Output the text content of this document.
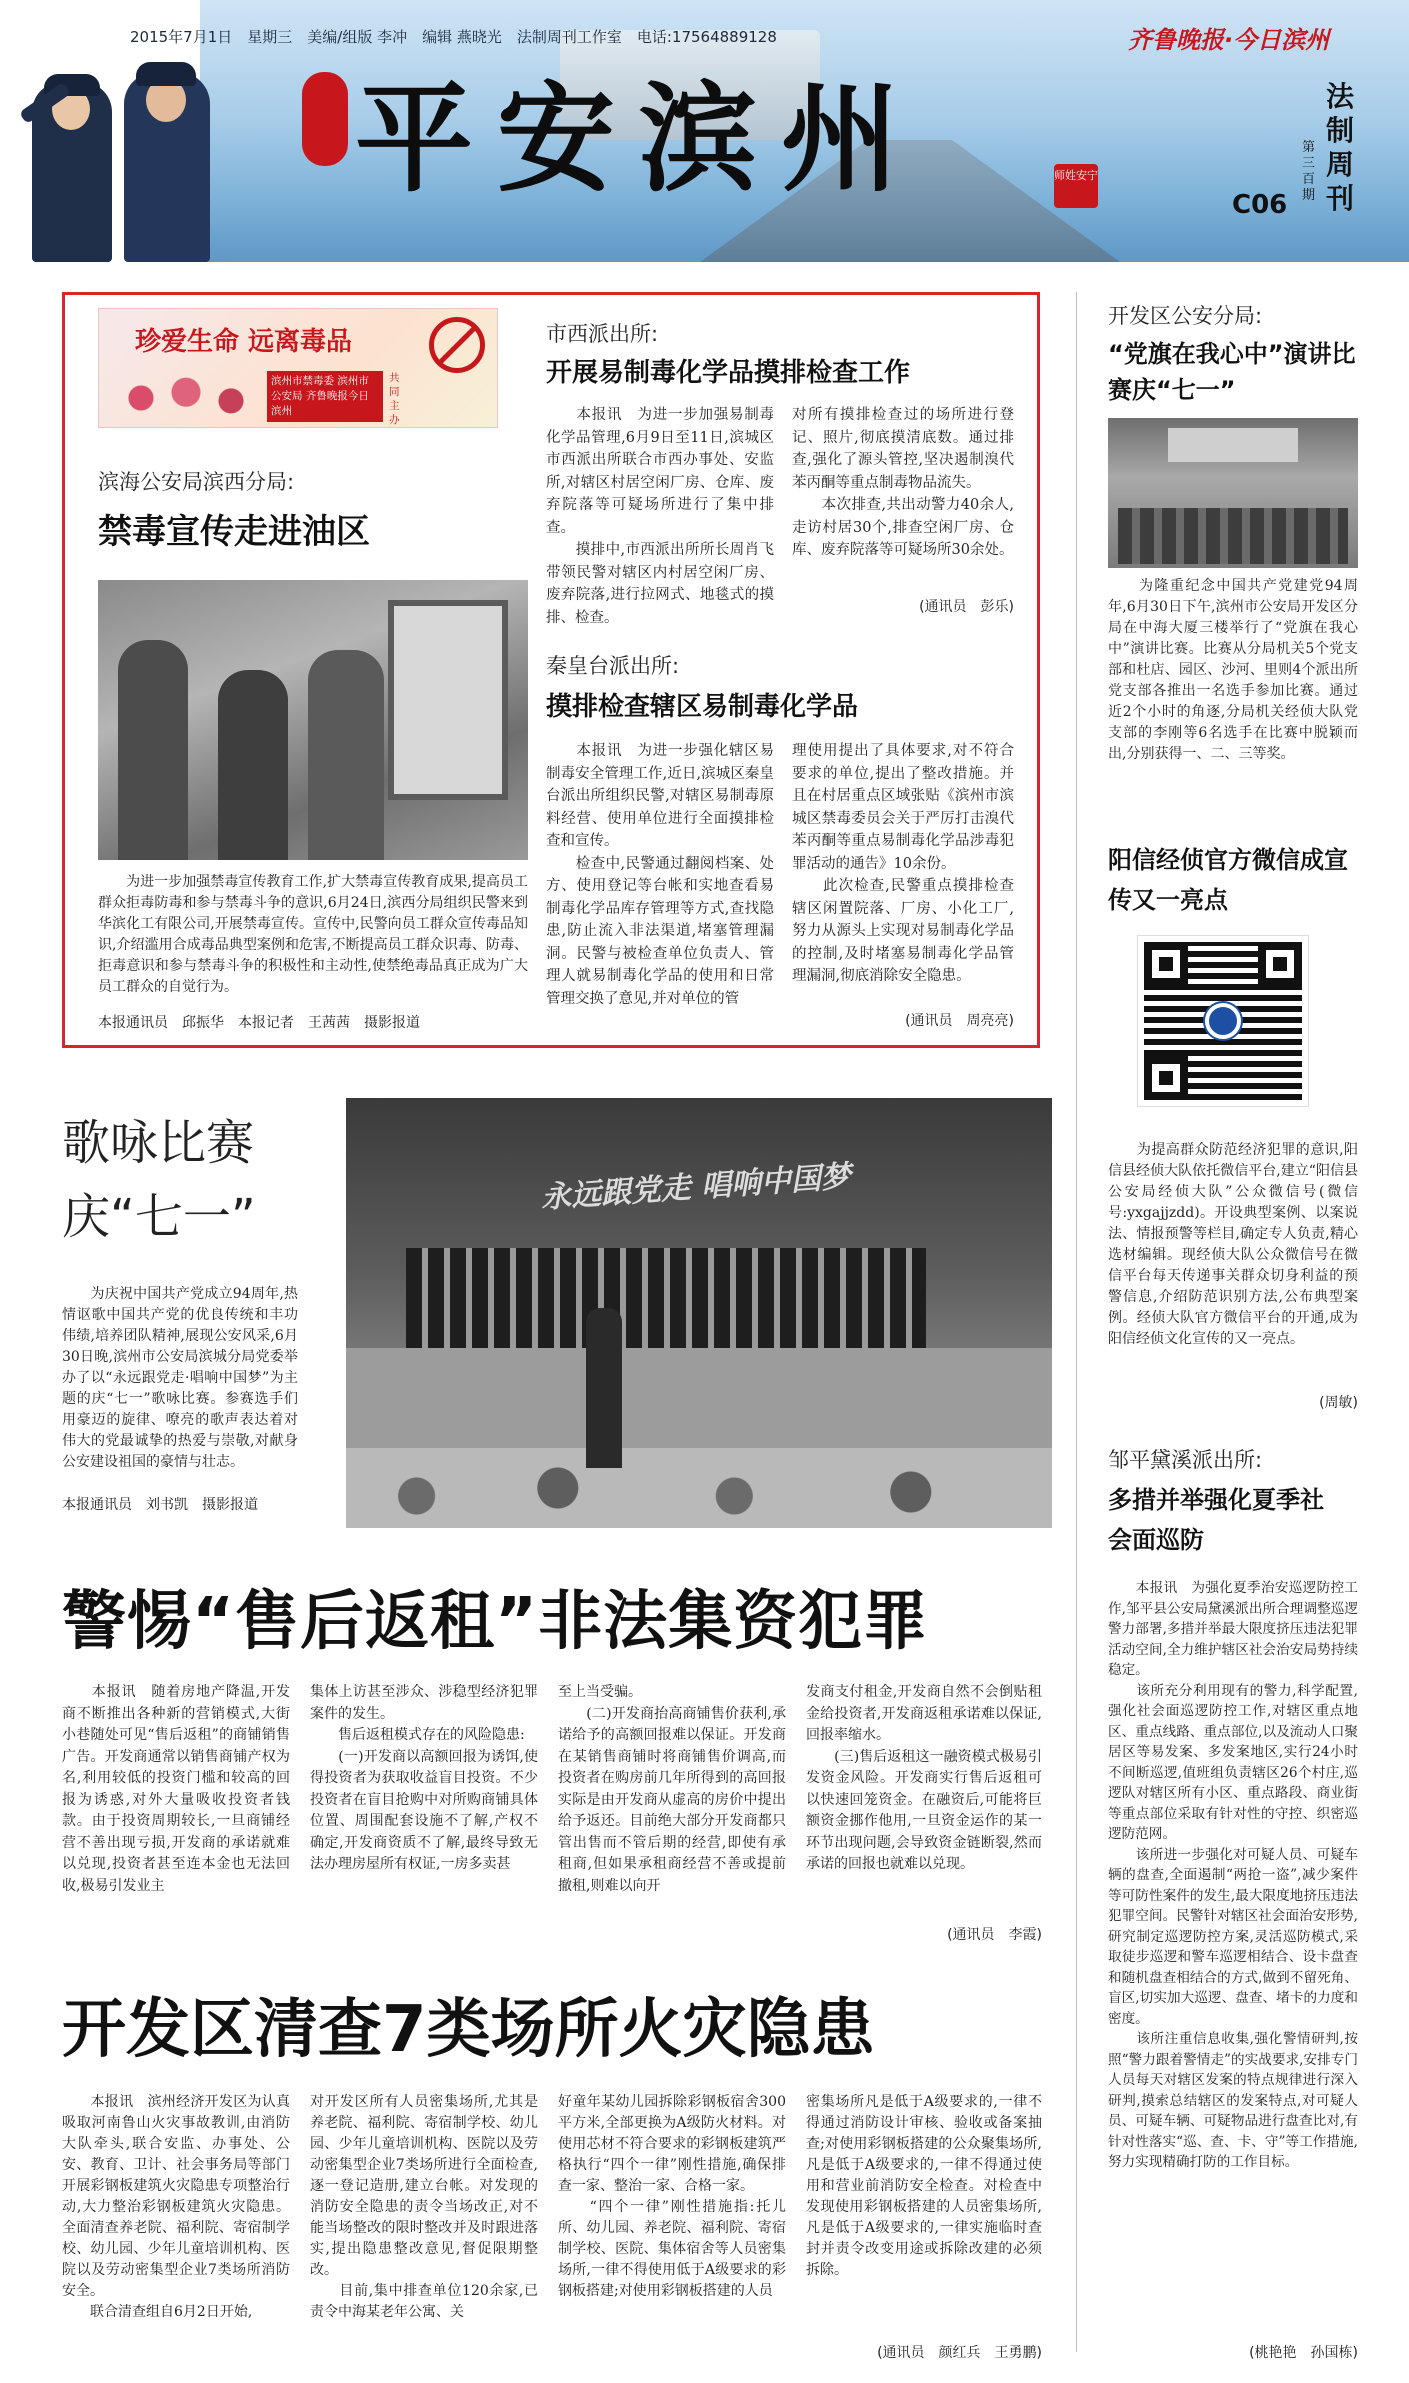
2015年7月1日　星期三　美编/组版 李冲　编辑 燕晓光　法制周刊工作室　电话:17564889128	齐鲁晚报·今日滨州
平安滨州	师姓安宁
法制周刊
第三百期
C06
珍爱生命 远离毒品
滨州市禁毒委 滨州市公安局 齐鲁晚报今日滨州
共同主办
滨海公安局滨西分局:
禁毒宣传走进油区
　　为进一步加强禁毒宣传教育工作,扩大禁毒宣传教育成果,提高员工群众拒毒防毒和参与禁毒斗争的意识,6月24日,滨西分局组织民警来到华滨化工有限公司,开展禁毒宣传。宣传中,民警向员工群众宣传毒品知识,介绍滥用合成毒品典型案例和危害,不断提高员工群众识毒、防毒、拒毒意识和参与禁毒斗争的积极性和主动性,使禁绝毒品真正成为广大员工群众的自觉行为。
本报通讯员　邱振华　本报记者　王茜茜　摄影报道
市西派出所:
开展易制毒化学品摸排检查工作
　　本报讯　为进一步加强易制毒化学品管理,6月9日至11日,滨城区市西派出所联合市西办事处、安监所,对辖区村居空闲厂房、仓库、废弃院落等可疑场所进行了集中排查。
　　摸排中,市西派出所所长周肖飞带领民警对辖区内村居空闲厂房、废弃院落,进行拉网式、地毯式的摸排、检查。
对所有摸排检查过的场所进行登记、照片,彻底摸清底数。通过排查,强化了源头管控,坚决遏制溴代苯丙酮等重点制毒物品流失。
　　本次排查,共出动警力40余人,走访村居30个,排查空闲厂房、仓库、废弃院落等可疑场所30余处。
(通讯员　彭乐)
秦皇台派出所:
摸排检查辖区易制毒化学品
　　本报讯　为进一步强化辖区易制毒安全管理工作,近日,滨城区秦皇台派出所组织民警,对辖区易制毒原料经营、使用单位进行全面摸排检查和宣传。
　　检查中,民警通过翻阅档案、处方、使用登记等台帐和实地查看易制毒化学品库存管理等方式,查找隐患,防止流入非法渠道,堵塞管理漏洞。民警与被检查单位负责人、管理人就易制毒化学品的使用和日常管理交换了意见,并对单位的管
理使用提出了具体要求,对不符合要求的单位,提出了整改措施。并且在村居重点区域张贴《滨州市滨城区禁毒委员会关于严厉打击溴代苯丙酮等重点易制毒化学品涉毒犯罪活动的通告》10余份。
　　此次检查,民警重点摸排检查辖区闲置院落、厂房、小化工厂,努力从源头上实现对易制毒化学品的控制,及时堵塞易制毒化学品管理漏洞,彻底消除安全隐患。
(通讯员　周亮亮)
开发区公安分局:
“党旗在我心中”演讲比赛庆“七一”
　　为隆重纪念中国共产党建党94周年,6月30日下午,滨州市公安局开发区分局在中海大厦三楼举行了“党旗在我心中”演讲比赛。比赛从分局机关5个党支部和杜店、园区、沙河、里则4个派出所党支部各推出一名选手参加比赛。通过近2个小时的角逐,分局机关经侦大队党支部的李刚等6名选手在比赛中脱颖而出,分别获得一、二、三等奖。
阳信经侦官方微信成宣传又一亮点
　　为提高群众防范经济犯罪的意识,阳信县经侦大队依托微信平台,建立“阳信县公安局经侦大队”公众微信号(微信号:yxgajjzdd)。开设典型案例、以案说法、情报预警等栏目,确定专人负责,精心选材编辑。现经侦大队公众微信号在微信平台每天传递事关群众切身利益的预警信息,介绍防范识别方法,公布典型案例。经侦大队官方微信平台的开通,成为阳信经侦文化宣传的又一亮点。
(周敏)
邹平黛溪派出所:
多措并举强化夏季社会面巡防
　　本报讯　为强化夏季治安巡逻防控工作,邹平县公安局黛溪派出所合理调整巡逻警力部署,多措并举最大限度挤压违法犯罪活动空间,全力维护辖区社会治安局势持续稳定。
　　该所充分利用现有的警力,科学配置,强化社会面巡逻防控工作,对辖区重点地区、重点线路、重点部位,以及流动人口聚居区等易发案、多发案地区,实行24小时不间断巡逻,值班组负责辖区26个村庄,巡逻队对辖区所有小区、重点路段、商业街等重点部位采取有针对性的守控、织密巡逻防范网。
　　该所进一步强化对可疑人员、可疑车辆的盘查,全面遏制“两抢一盗”,减少案件等可防性案件的发生,最大限度地挤压违法犯罪空间。民警针对辖区社会面治安形势,研究制定巡逻防控方案,灵活巡防模式,采取徒步巡逻和警车巡逻相结合、设卡盘查和随机盘查相结合的方式,做到不留死角、盲区,切实加大巡逻、盘查、堵卡的力度和密度。
　　该所注重信息收集,强化警情研判,按照“警力跟着警情走”的实战要求,安排专门人员每天对辖区发案的特点规律进行深入研判,摸索总结辖区的发案特点,对可疑人员、可疑车辆、可疑物品进行盘查比对,有针对性落实“巡、查、卡、守”等工作措施,努力实现精确打防的工作目标。
(桃艳艳　孙国栋)
歌咏比赛
庆“七一”
　　为庆祝中国共产党成立94周年,热情讴歌中国共产党的优良传统和丰功伟绩,培养团队精神,展现公安风采,6月30日晚,滨州市公安局滨城分局党委举办了以“永远跟党走·唱响中国梦”为主题的庆“七一”歌咏比赛。参赛选手们用豪迈的旋律、嘹亮的歌声表达着对伟大的党最诚挚的热爱与崇敬,对献身公安建设祖国的豪情与壮志。
本报通讯员　刘书凯　摄影报道
永远跟党走 唱响中国梦
警惕“售后返租”非法集资犯罪
　　本报讯　随着房地产降温,开发商不断推出各种新的营销模式,大街小巷随处可见“售后返租”的商铺销售广告。开发商通常以销售商铺产权为名,利用较低的投资门槛和较高的回报为诱惑,对外大量吸收投资者钱款。由于投资周期较长,一旦商铺经营不善出现亏损,开发商的承诺就难以兑现,投资者甚至连本金也无法回收,极易引发业主
集体上访甚至涉众、涉稳型经济犯罪案件的发生。
　　售后返租模式存在的风险隐患:
　　(一)开发商以高额回报为诱饵,使得投资者为获取收益盲目投资。不少投资者在盲目抢购中对所购商铺具体位置、周围配套设施不了解,产权不确定,开发商资质不了解,最终导致无法办理房屋所有权证,一房多卖甚
至上当受骗。
　　(二)开发商抬高商铺售价获利,承诺给予的高额回报难以保证。开发商在某销售商铺时将商铺售价调高,而投资者在购房前几年所得到的高回报实际是由开发商从虚高的房价中提出给予返还。目前绝大部分开发商都只管出售而不管后期的经营,即使有承租商,但如果承租商经营不善或提前撤租,则难以向开
发商支付租金,开发商自然不会倒贴租金给投资者,开发商返租承诺难以保证,回报率缩水。
　　(三)售后返租这一融资模式极易引发资金风险。开发商实行售后返租可以快速回笼资金。在融资后,可能将巨额资金挪作他用,一旦资金运作的某一环节出现问题,会导致资金链断裂,然而承诺的回报也就难以兑现。
(通讯员　李霞)
开发区清查7类场所火灾隐患
　　本报讯　滨州经济开发区为认真吸取河南鲁山火灾事故教训,由消防大队牵头,联合安监、办事处、公安、教育、卫计、社会事务局等部门开展彩钢板建筑火灾隐患专项整治行动,大力整治彩钢板建筑火灾隐患。全面清查养老院、福利院、寄宿制学校、幼儿园、少年儿童培训机构、医院以及劳动密集型企业7类场所消防安全。
　　联合清查组自6月2日开始,
对开发区所有人员密集场所,尤其是养老院、福利院、寄宿制学校、幼儿园、少年儿童培训机构、医院以及劳动密集型企业7类场所进行全面检查,逐一登记造册,建立台帐。对发现的消防安全隐患的责令当场改正,对不能当场整改的限时整改并及时跟进落实,提出隐患整改意见,督促限期整改。
　　目前,集中排查单位120余家,已责令中海某老年公寓、关
好童年某幼儿园拆除彩钢板宿舍300平方米,全部更换为A级防火材料。对使用芯材不符合要求的彩钢板建筑严格执行“四个一律”刚性措施,确保排查一家、整治一家、合格一家。
　　“四个一律”刚性措施指:托儿所、幼儿园、养老院、福利院、寄宿制学校、医院、集体宿舍等人员密集场所,一律不得使用低于A级要求的彩钢板搭建;对使用彩钢板搭建的人员
密集场所凡是低于A级要求的,一律不得通过消防设计审核、验收或备案抽查;对使用彩钢板搭建的公众聚集场所,凡是低于A级要求的,一律不得通过使用和营业前消防安全检查。对检查中发现使用彩钢板搭建的人员密集场所,凡是低于A级要求的,一律实施临时查封并责令改变用途或拆除改建的必须拆除。
(通讯员　颜红兵　王勇鹏)
